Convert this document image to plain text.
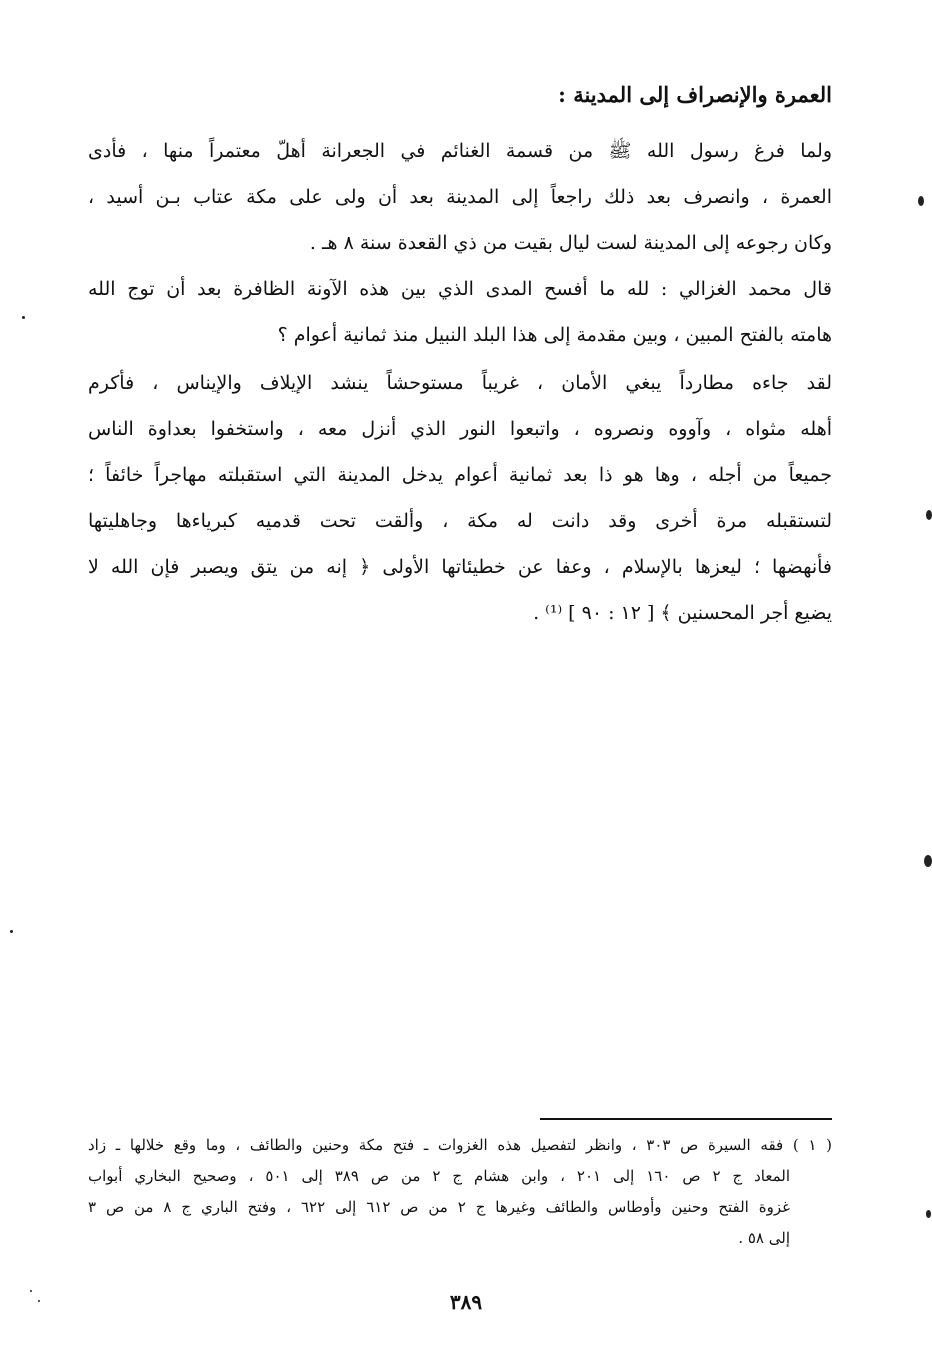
العمرة والإنصراف إلى المدينة :
ولما فرغ رسول الله ﷺ من قسمة الغنائم في الجعرانة أهلّ معتمراً منها ، فأدى
العمرة ، وانصرف بعد ذلك راجعاً إلى المدينة بعد أن ولى على مكة عتاب بـن أسيد ،
وكان رجوعه إلى المدينة لست ليال بقيت من ذي القعدة سنة ٨ هـ .
قال محمد الغزالي : لله ما أفسح المدى الذي بين هذه الآونة الظافرة بعد أن توج الله
هامته بالفتح المبين ، وبين مقدمة إلى هذا البلد النبيل منذ ثمانية أعوام ؟
لقد جاءه مطارداً يبغي الأمان ، غريباً مستوحشاً ينشد الإيلاف والإيناس ، فأكرم
أهله مثواه ، وآووه ونصروه ، واتبعوا النور الذي أنزل معه ، واستخفوا بعداوة الناس
جميعاً من أجله ، وها هو ذا بعد ثمانية أعوام يدخل المدينة التي استقبلته مهاجراً خائفاً ؛
لتستقبله مرة أخرى وقد دانت له مكة ، وألقت تحت قدميه كبرياءها وجاهليتها
فأنهضها ؛ ليعزها بالإسلام ، وعفا عن خطيئاتها الأولى ﴿ إنه من يتق ويصبر فإن الله لا
يضيع أجر المحسنين ﴾ [ ١٢ : ٩٠ ] ⁽¹⁾ .
( ١ ) فقه السيرة ص ٣٠٣ ، وانظر لتفصيل هذه الغزوات ـ فتح مكة وحنين والطائف ، وما وقع خلالها ـ زاد
المعاد ج ٢ ص ١٦٠ إلى ٢٠١ ، وابن هشام ج ٢ من ص ٣٨٩ إلى ٥٠١ ، وصحيح البخاري أبواب
غزوة الفتح وحنين وأوطاس والطائف وغيرها ج ٢ من ص ٦١٢ إلى ٦٢٢ ، وفتح الباري ج ٨ من ص ٣
إلى ٥٨ .
٣٨٩
